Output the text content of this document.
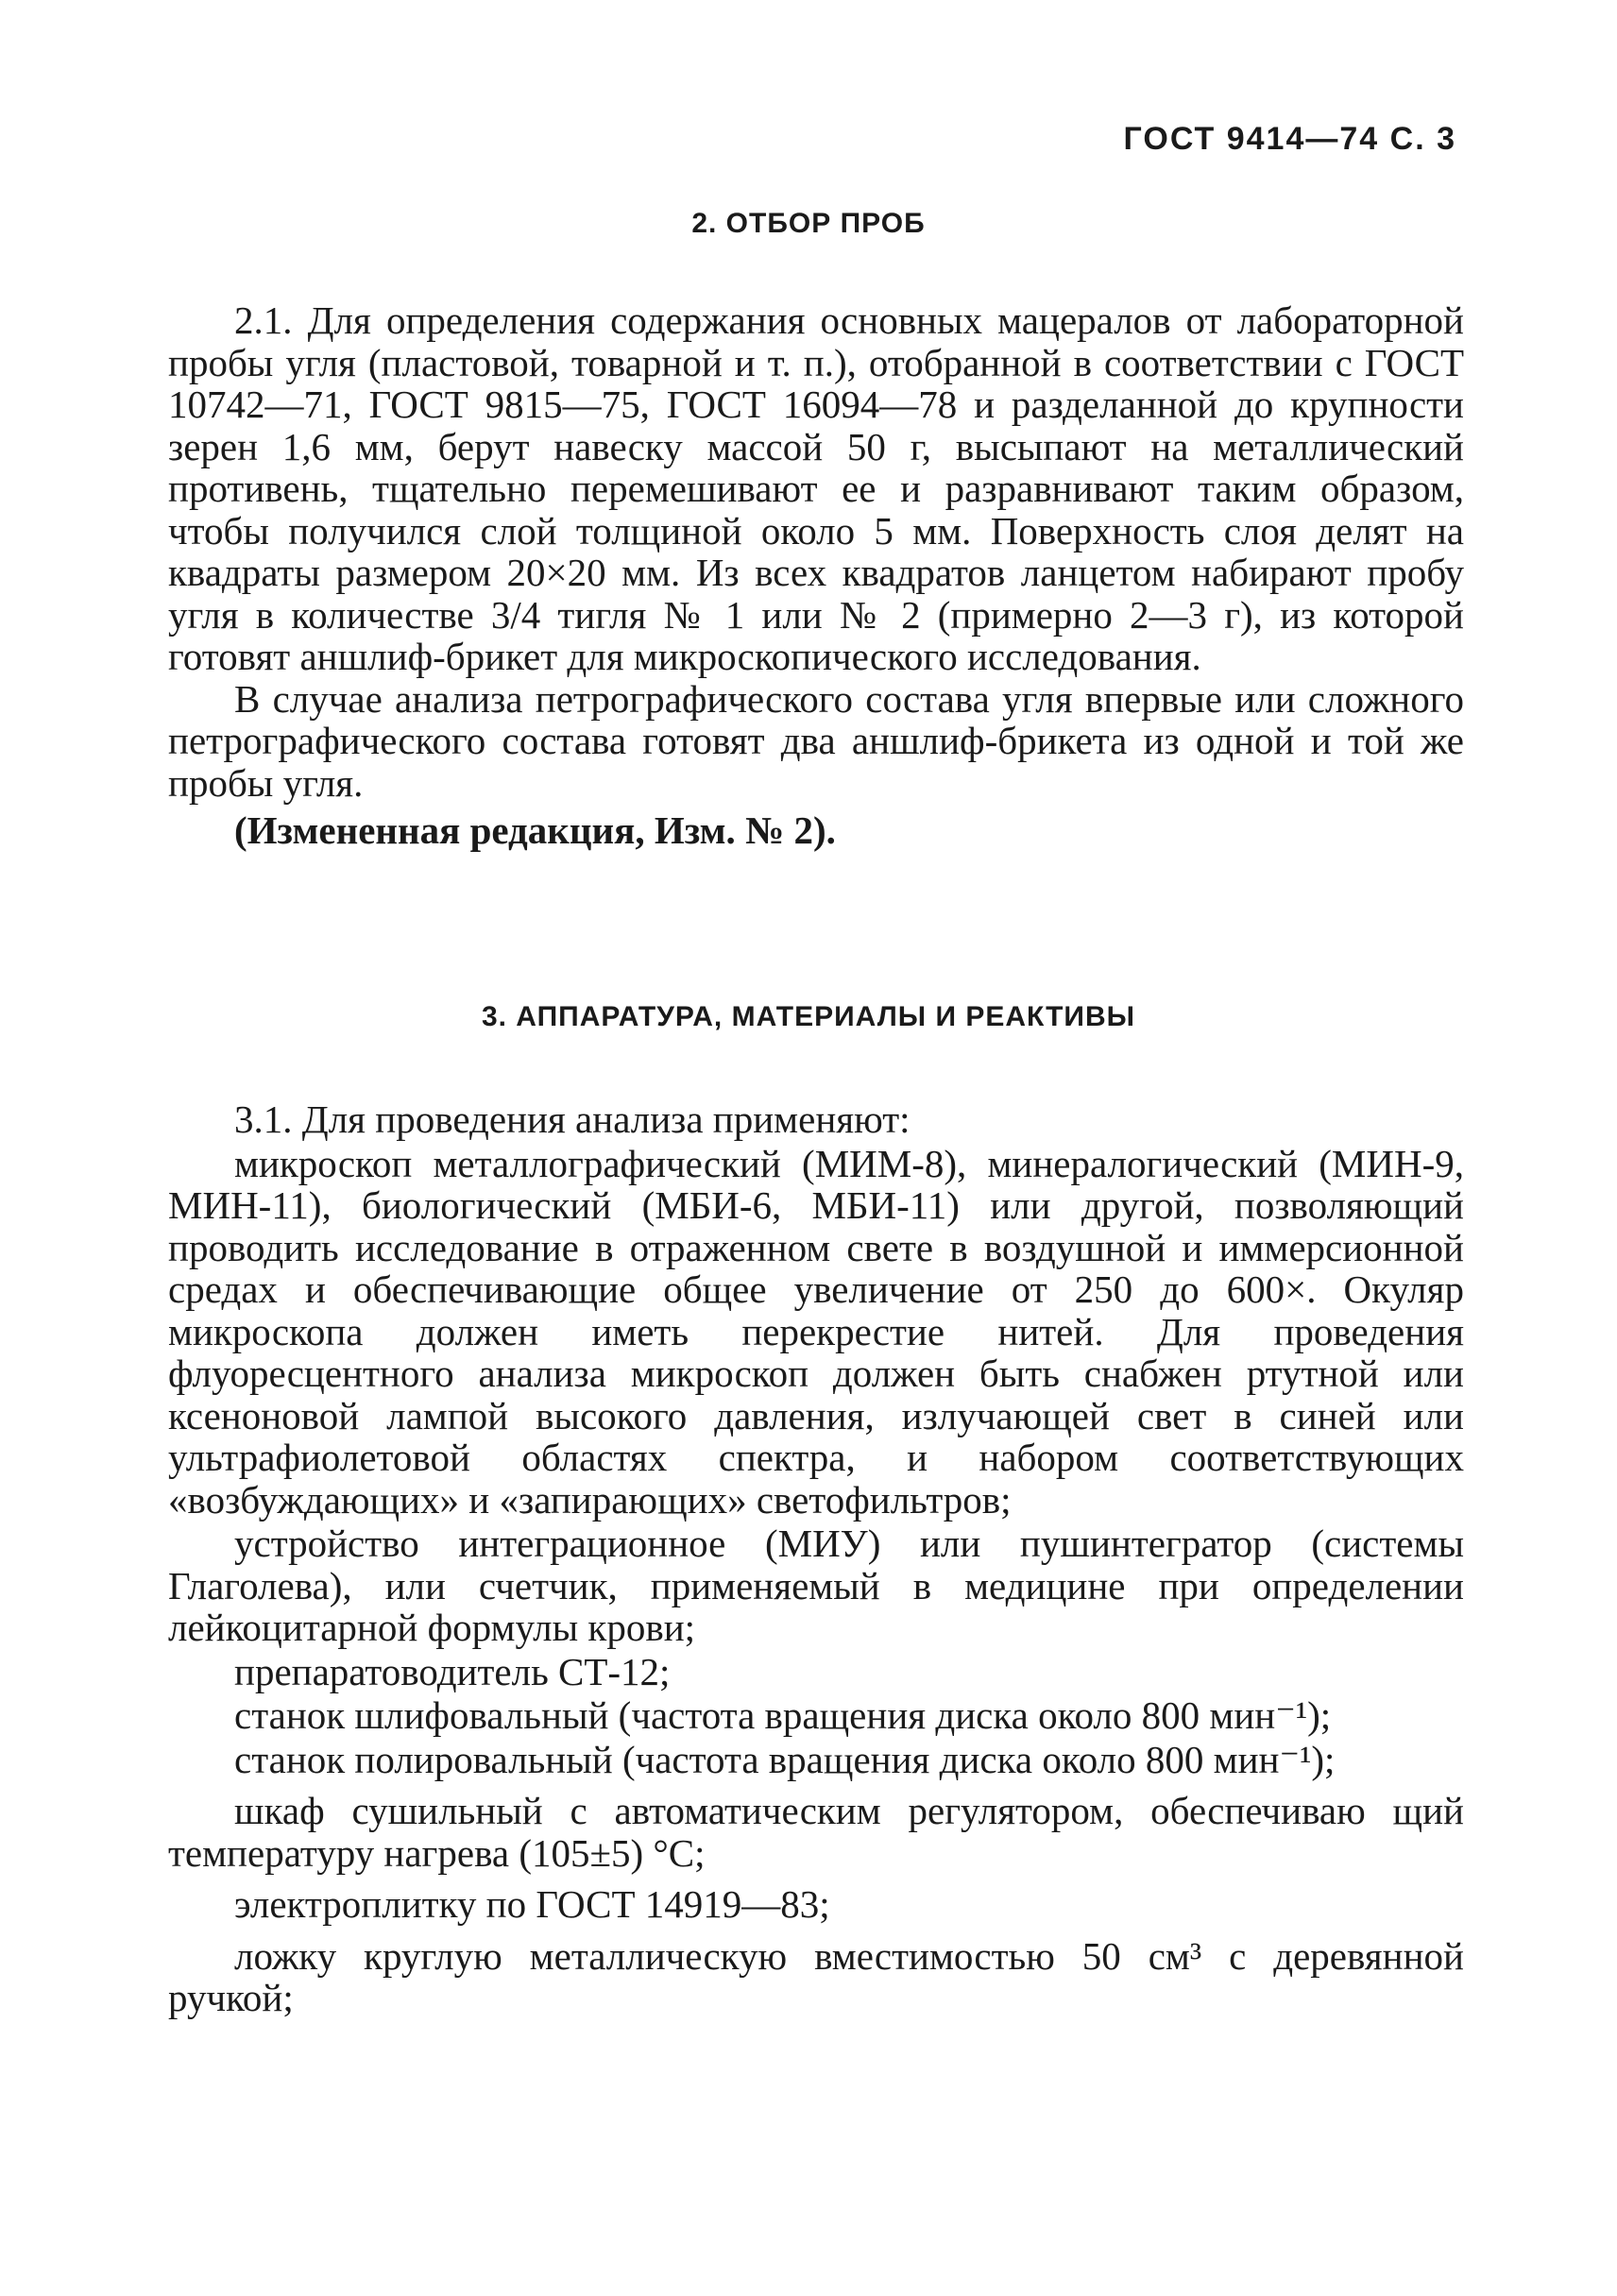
ГОСТ 9414—74 С. 3
2. ОТБОР ПРОБ

2.1. Для определения содержания основных мацералов от лабораторной пробы угля (пластовой, товарной и т. п.), отобранной в соответствии с ГОСТ 10742—71, ГОСТ 9815—75, ГОСТ 16094—78 и разделанной до крупности зерен 1,6 мм, берут навеску массой 50 г, высыпают на металлический противень, тщательно перемешивают ее и разравнивают таким образом, чтобы получился слой толщиной около 5 мм. Поверхность слоя делят на квадраты размером 20×20 мм. Из всех квадратов ланцетом набирают пробу угля в количестве 3/4 тигля № 1 или № 2 (примерно 2—3 г), из которой готовят аншлиф-брикет для микроскопического исследования.

В случае анализа петрографического состава угля впервые или сложного петрографического состава готовят два аншлиф-брикета из одной и той же пробы угля.

(Измененная редакция, Изм. № 2).

3. АППАРАТУРА, МАТЕРИАЛЫ И РЕАКТИВЫ

3.1. Для проведения анализа применяют:

микроскоп металлографический (МИМ-8), минералогический (МИН-9, МИН-11), биологический (МБИ-6, МБИ-11) или другой, позволяющий проводить исследование в отраженном свете в воздушной и иммерсионной средах и обеспечивающие общее увеличение от 250 до 600×. Окуляр микроскопа должен иметь перекрестие нитей. Для проведения флуоресцентного анализа микроскоп должен быть снабжен ртутной или ксеноновой лампой высокого давления, излучающей свет в синей или ультрафиолетовой областях спектра, и набором соответствующих «возбуждающих» и «запирающих» светофильтров;

устройство интеграционное (МИУ) или пушинтегратор (системы Глаголева), или счетчик, применяемый в медицине при определении лейкоцитарной формулы крови;

препаратоводитель СТ-12;

станок шлифовальный (частота вращения диска около 800 мин⁻¹);

станок полировальный (частота вращения диска около 800 мин⁻¹);

шкаф сушильный с автоматическим регулятором, обеспечиваю щий температуру нагрева (105±5) °С;

электроплитку по ГОСТ 14919—83;

ложку круглую металлическую вместимостью 50 см³ с деревянной ручкой;
